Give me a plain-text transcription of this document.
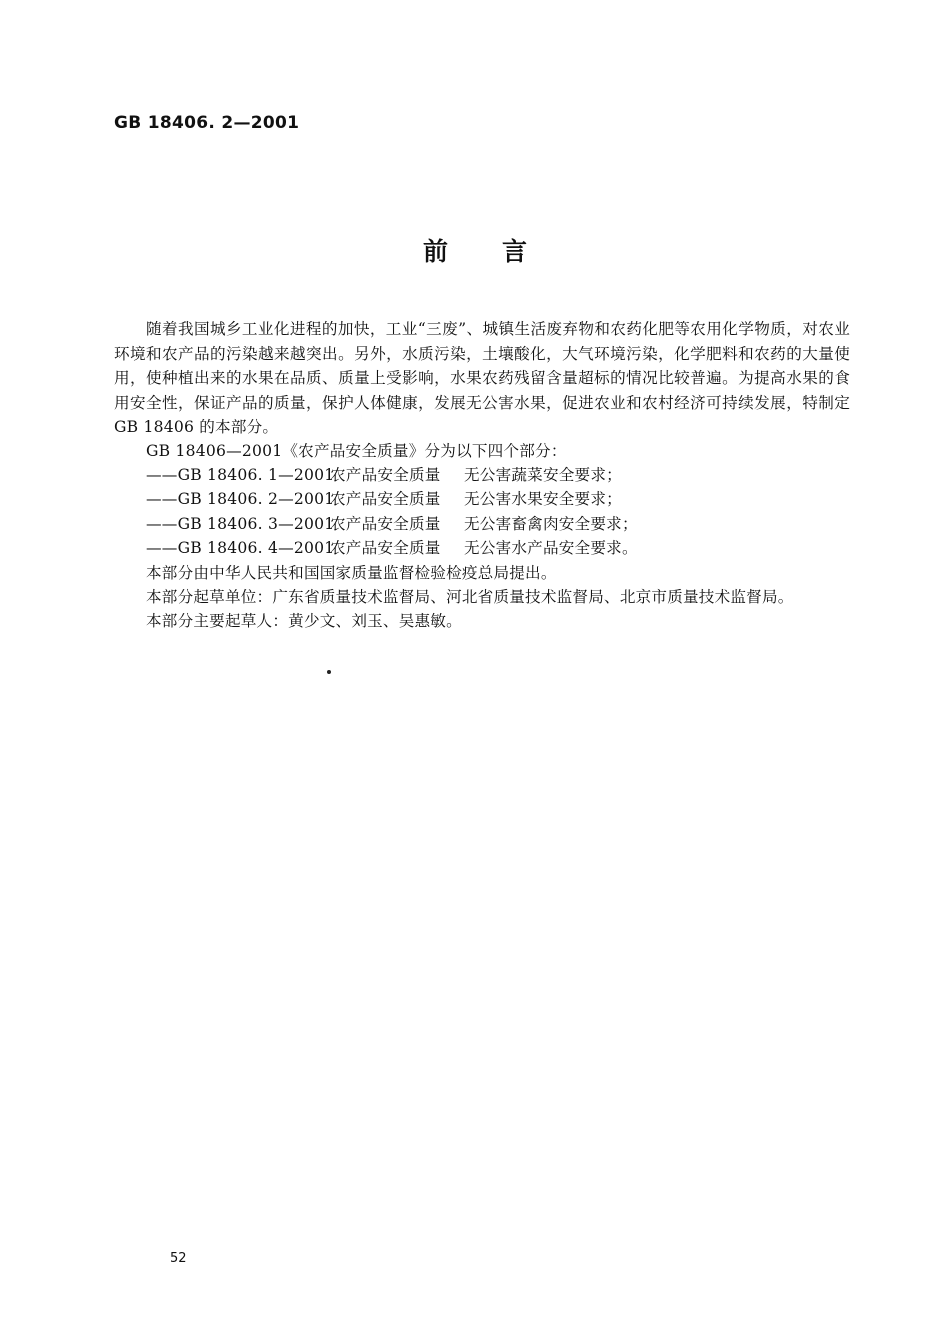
GB 18406. 2—2001
前 言

随着我国城乡工业化进程的加快，工业“三废”、城镇生活废弃物和农药化肥等农用化学物质，对农业环境和农产品的污染越来越突出。另外，水质污染，土壤酸化，大气环境污染，化学肥料和农药的大量使用，使种植出来的水果在品质、质量上受影响，水果农药残留含量超标的情况比较普遍。为提高水果的食用安全性，保证产品的质量，保护人体健康，发展无公害水果，促进农业和农村经济可持续发展，特制定 GB 18406 的本部分。

GB 18406—2001《农产品安全质量》分为以下四个部分：
——GB 18406. 1—2001农产品安全质量 无公害蔬菜安全要求；
——GB 18406. 2—2001农产品安全质量 无公害水果安全要求；
——GB 18406. 3—2001农产品安全质量 无公害畜禽肉安全要求；
——GB 18406. 4—2001农产品安全质量 无公害水产品安全要求。
本部分由中华人民共和国国家质量监督检验检疫总局提出。
本部分起草单位：广东省质量技术监督局、河北省质量技术监督局、北京市质量技术监督局。
本部分主要起草人：黄少文、刘玉、吴惠敏。
52
